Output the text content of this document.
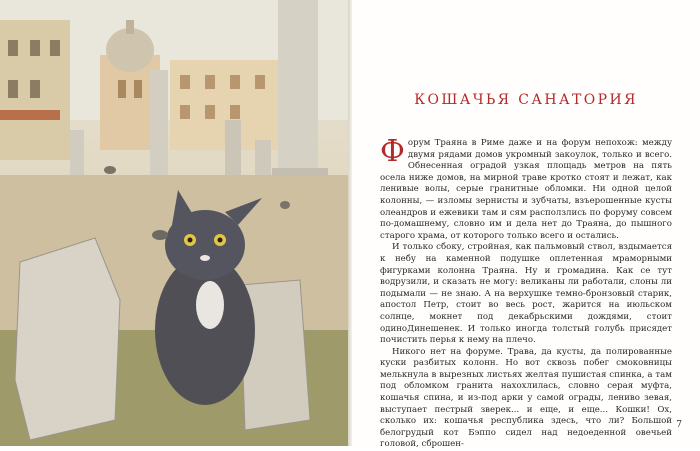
КОШАЧЬЯ САНАТОРИЯ

Форум Траяна в Риме даже и на форум непохож: между двумя рядами домов укромный закоулок, только и всего. Обнесенная оградой узкая площадь метров на пять осела ниже домов, на мирной траве кротко стоят и лежат, как ленивые волы, серые гранитные обломки. Ни одной целой колонны, — изломы зернисты и зубчаты, взъерошенные кусты олеандров и ежевики там и сям расползлись по форуму совсем по-домашнему, словно им и дела нет до Траяна, до пышного старого храма, от которого только всего и остались.

И только сбоку, стройная, как пальмовый ствол, вздымается к небу на каменной подушке оплетенная мраморными фигурками колонна Траяна. Ну и громадина. Как се тут водрузили, и сказать не могу: великаны ли работали, слоны ли подымали — не знаю. А на верхушке темно-бронзовый старик, апостол Петр, стоит во весь рост, жарится на июльском солнце, мокнет под декабрьскими дождями, стоит одиноДинешенек. И только иногда толстый голубь присядет почистить перья к нему на плечо.

Никого нет на форуме. Трава, да кусты, да полированные куски разбитых колонн. Но вот сквозь побег смоковницы мелькнула в вырезных листьях желтая пушистая спинка, а там под обломком гранита нахохлилась, словно серая муфта, кошачья спина, и из-под арки у самой ограды, лениво зевая, выступает пестрый зверек... и еще, и еще... Кошки! Ох, сколько их: кошачья республика здесь, что ли? Большой белогрудый кот Бэппо сидел над недоеденной овечьей головой, сброшен-

7
